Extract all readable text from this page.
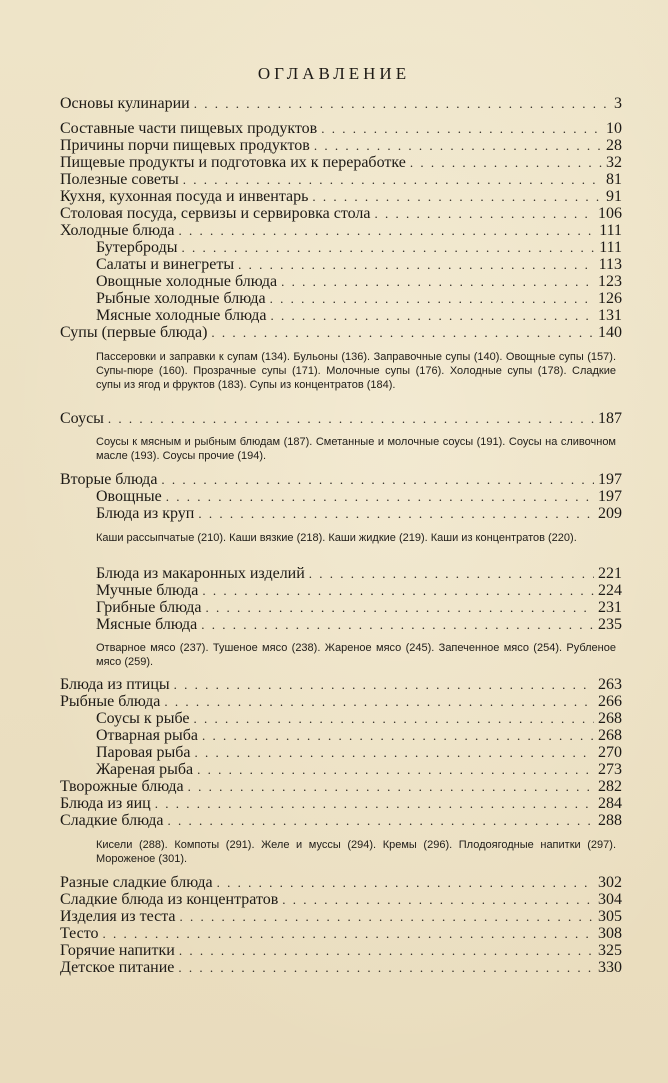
ОГЛАВЛЕНИЕ
Основы кулинарии . . .	3
Составные части пищевых продуктов . . .	10
Причины порчи пищевых продуктов . . .	28
Пищевые продукты и подготовка их к переработке . . .	32
Полезные советы . . .	81
Кухня, кухонная посуда и инвентарь . . .	91
Столовая посуда, сервизы и сервировка стола . . .	106
Холодные блюда . . .	111
Бутерброды . . .	111
Салаты и винегреты . . .	113
Овощные холодные блюда . . .	123
Рыбные холодные блюда . . .	126
Мясные холодные блюда . . .	131
Супы (первые блюда) . . .	140
Соусы . . .	187
Вторые блюда . . .	197
Овощные . . .	197
Блюда из круп . . .	209
Блюда из макаронных изделий . . .	221
Мучные блюда . . .	224
Грибные блюда . . .	231
Мясные блюда . . .	235
Блюда из птицы . . .	263
Рыбные блюда . . .	266
Соусы к рыбе . . .	268
Отварная рыба . . .	268
Паровая рыба . . .	270
Жареная рыба . . .	273
Творожные блюда . . .	282
Блюда из яиц . . .	284
Сладкие блюда . . .	288
Разные сладкие блюда . . .	302
Сладкие блюда из концентратов . . .	304
Изделия из теста . . .	305
Тесто . . .	308
Горячие напитки . . .	325
Детское питание . . .	330
Пассеровки и заправки к супам (134). Бульоны (136). Заправочные супы (140). Овощные супы (157). Супы-пюре (160). Прозрачные супы (171). Молочные супы (176). Холодные супы (178). Сладкие супы из ягод и фруктов (183). Супы из концентратов (184).
Соусы к мясным и рыбным блюдам (187). Сметанные и молочные соусы (191). Соусы на сливочном масле (193). Соусы прочие (194).
Каши рассыпчатые (210). Каши вязкие (218). Каши жидкие (219). Каши из концентратов (220).
Отварное мясо (237). Тушеное мясо (238). Жареное мясо (245). Запеченное мясо (254). Рубленое мясо (259).
Кисели (288). Компоты (291). Желе и муссы (294). Кремы (296). Плодоягодные напитки (297). Мороженое (301).
